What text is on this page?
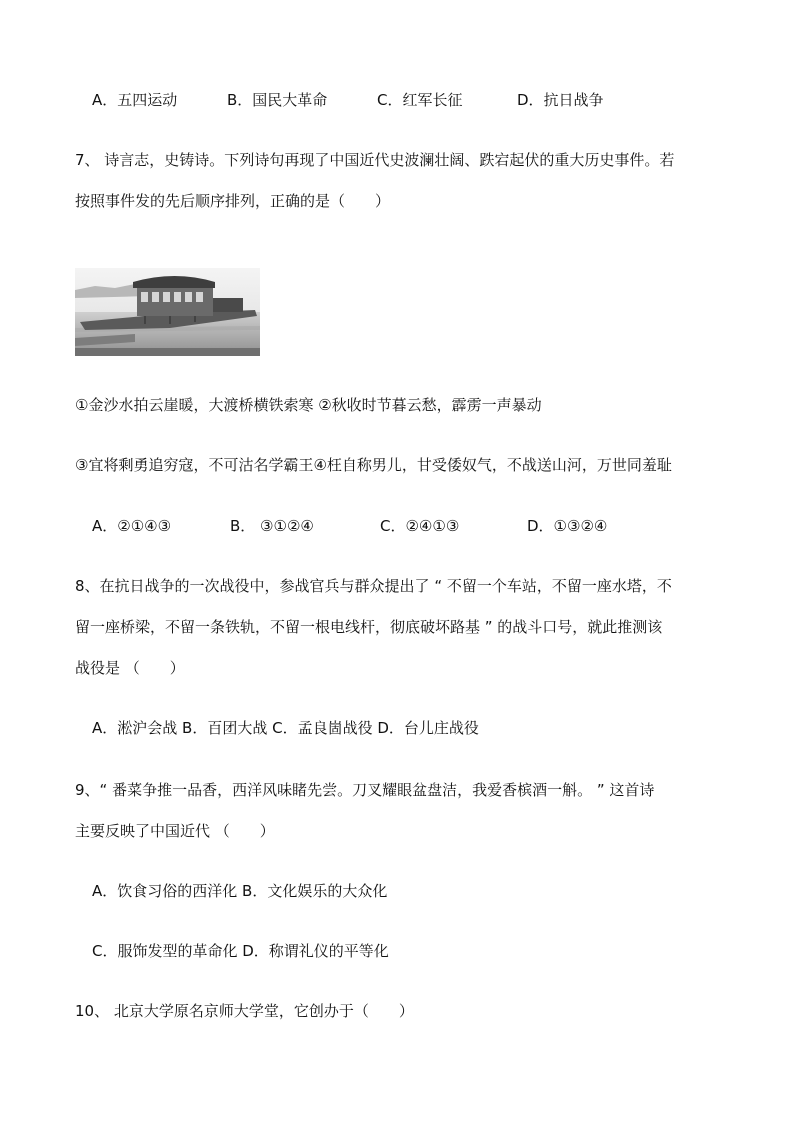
A．五四运动	B．国民大革命	C．红军长征	D．抗日战争
7、 诗言志，史铸诗。下列诗句再现了中国近代史波澜壮阔、跌宕起伏的重大历史事件。若
按照事件发的先后顺序排列，正确的是（　　）
①金沙水拍云崖暖，大渡桥横铁索寒 ②秋收时节暮云愁，霹雳一声暴动
③宜将剩勇追穷寇，不可沽名学霸王④枉自称男儿，甘受倭奴气，不战送山河，万世同羞耻
A．②①④③	B． ③①②④	C．②④①③	D．①③②④
8、在抗日战争的一次战役中，参战官兵与群众提出了 “ 不留一个车站，不留一座水塔，不
留一座桥梁，不留一条铁轨，不留一根电线杆，彻底破坏路基 ” 的战斗口号，就此推测该
战役是 （　　）
A．淞沪会战 B．百团大战 C．孟良崮战役 D．台儿庄战役
9、“ 番菜争推一品香，西洋风味睹先尝。刀叉耀眼盆盘洁，我爱香槟酒一斛。 ” 这首诗
主要反映了中国近代 （　　）
A．饮食习俗的西洋化 B．文化娱乐的大众化
C．服饰发型的革命化 D．称谓礼仪的平等化
10、 北京大学原名京师大学堂，它创办于（　　）
